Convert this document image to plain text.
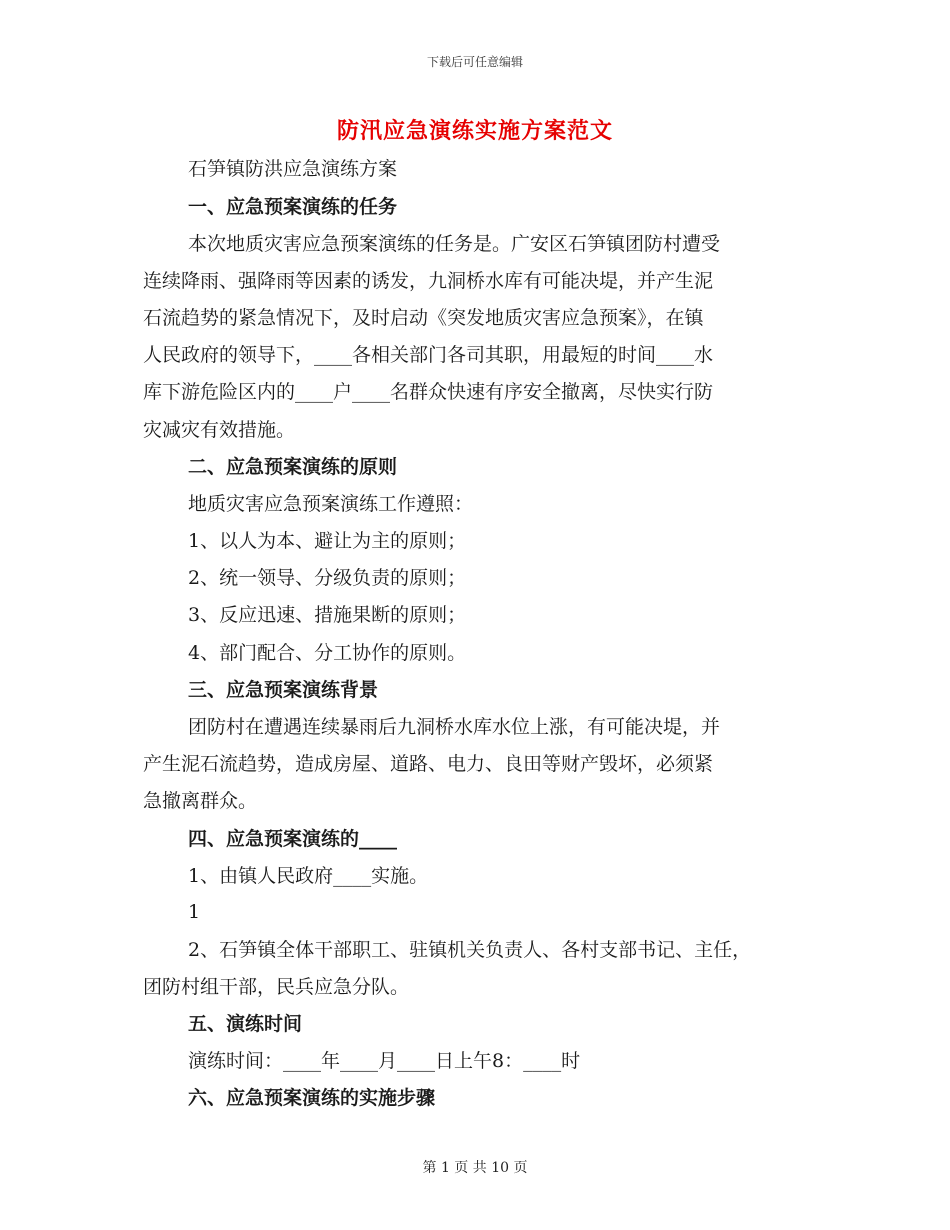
下载后可任意编辑
防汛应急演练实施方案范文
石笋镇防洪应急演练方案
一、应急预案演练的任务
本次地质灾害应急预案演练的任务是。广安区石笋镇团防村遭受
连续降雨、强降雨等因素的诱发，九洞桥水库有可能决堤，并产生泥
石流趋势的紧急情况下，及时启动《突发地质灾害应急预案》，在镇
人民政府的领导下，____各相关部门各司其职，用最短的时间____水
库下游危险区内的____户____名群众快速有序安全撤离，尽快实行防
灾减灾有效措施。
二、应急预案演练的原则
地质灾害应急预案演练工作遵照：
1、以人为本、避让为主的原则；
2、统一领导、分级负责的原则；
3、反应迅速、措施果断的原则；
4、部门配合、分工协作的原则。
三、应急预案演练背景
团防村在遭遇连续暴雨后九洞桥水库水位上涨，有可能决堤，并
产生泥石流趋势，造成房屋、道路、电力、良田等财产毁坏，必须紧
急撤离群众。
四、应急预案演练的____
1、由镇人民政府____实施。
1
2、石笋镇全体干部职工、驻镇机关负责人、各村支部书记、主任，
团防村组干部，民兵应急分队。
五、演练时间
演练时间：____年____月____日上午8：____时
六、应急预案演练的实施步骤
第 1 页 共 10 页
